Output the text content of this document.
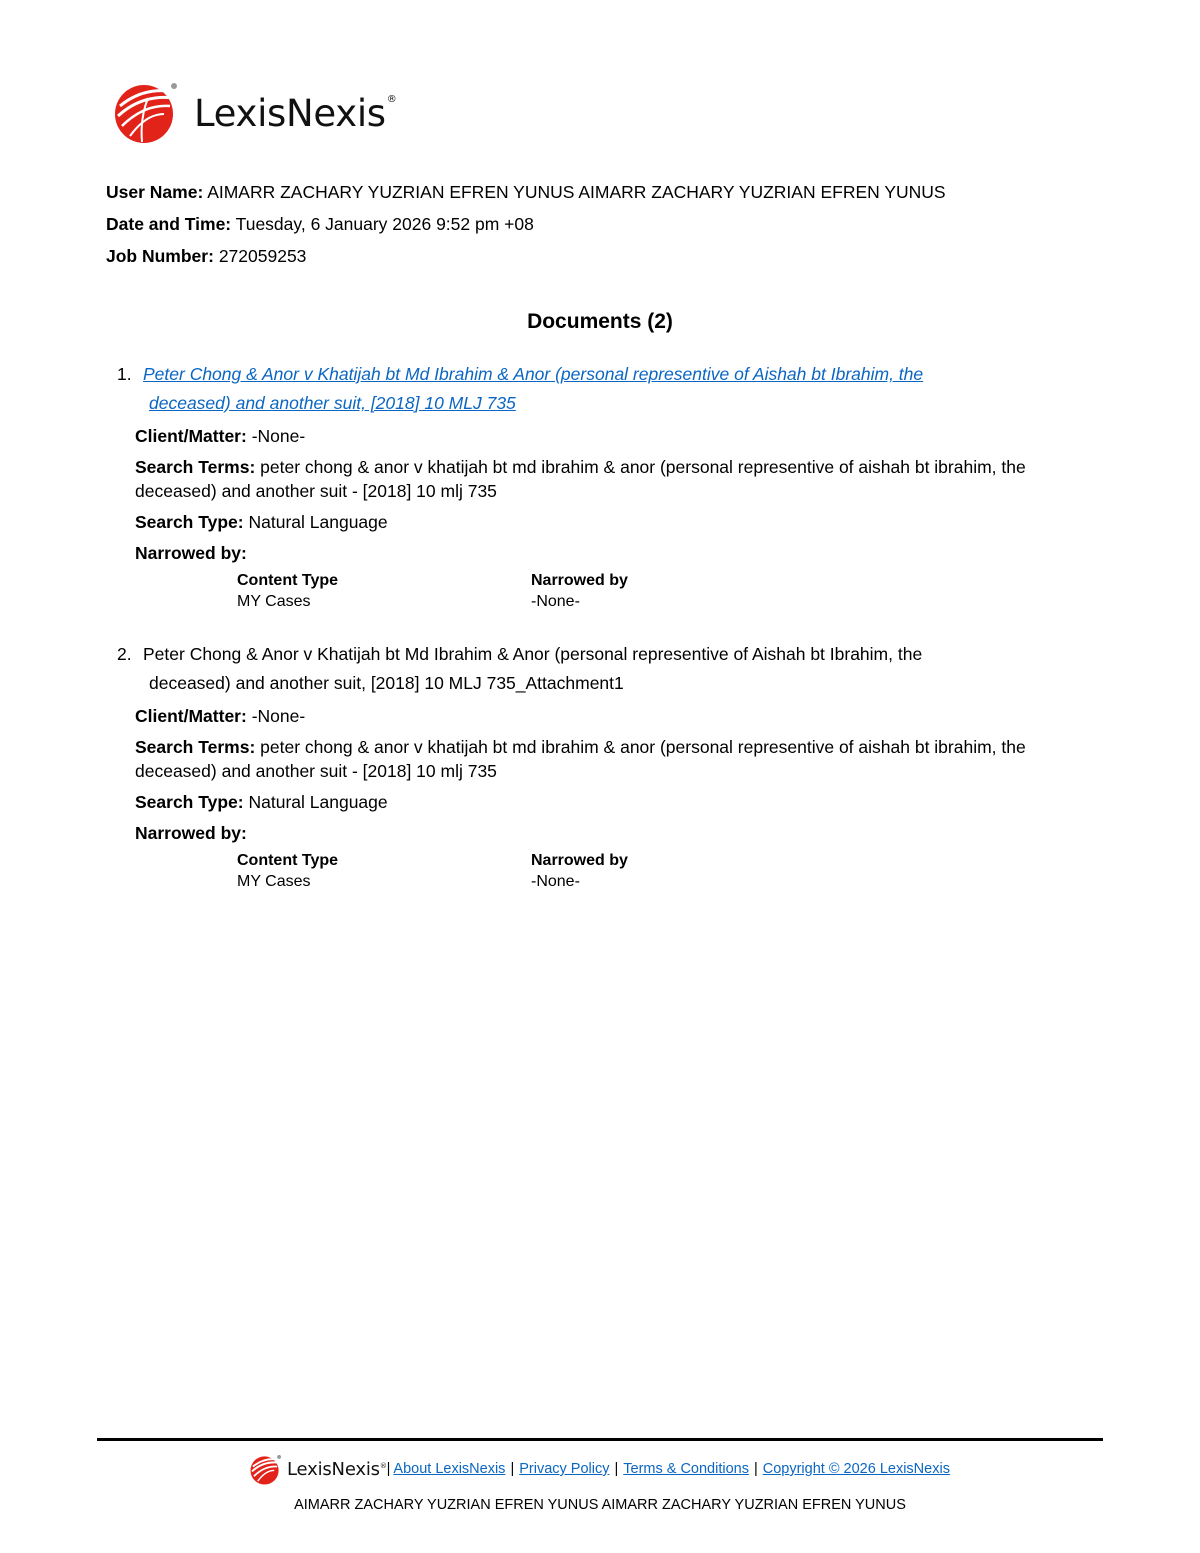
LexisNexis®
User Name: AIMARR ZACHARY YUZRIAN EFREN YUNUS AIMARR ZACHARY YUZRIAN EFREN YUNUS
Date and Time: Tuesday, 6 January 2026 9:52 pm +08
Job Number: 272059253
Documents (2)
1. Peter Chong & Anor v Khatijah bt Md Ibrahim & Anor (personal representive of Aishah bt Ibrahim, the
deceased) and another suit, [2018] 10 MLJ 735
Client/Matter: -None-
Search Terms: peter chong & anor v khatijah bt md ibrahim & anor (personal representive of aishah bt ibrahim, the deceased) and another suit - [2018] 10 mlj 735
Search Type: Natural Language
Narrowed by:
Content Type	Narrowed by
MY Cases	-None-
2. Peter Chong & Anor v Khatijah bt Md Ibrahim & Anor (personal representive of Aishah bt Ibrahim, the
deceased) and another suit, [2018] 10 MLJ 735_Attachment1
Client/Matter: -None-
Search Terms: peter chong & anor v khatijah bt md ibrahim & anor (personal representive of aishah bt ibrahim, the deceased) and another suit - [2018] 10 mlj 735
Search Type: Natural Language
Narrowed by:
Content Type	Narrowed by
MY Cases	-None-
LexisNexis® | About LexisNexis | Privacy Policy | Terms & Conditions | Copyright © 2026 LexisNexis
AIMARR ZACHARY YUZRIAN EFREN YUNUS AIMARR ZACHARY YUZRIAN EFREN YUNUS
